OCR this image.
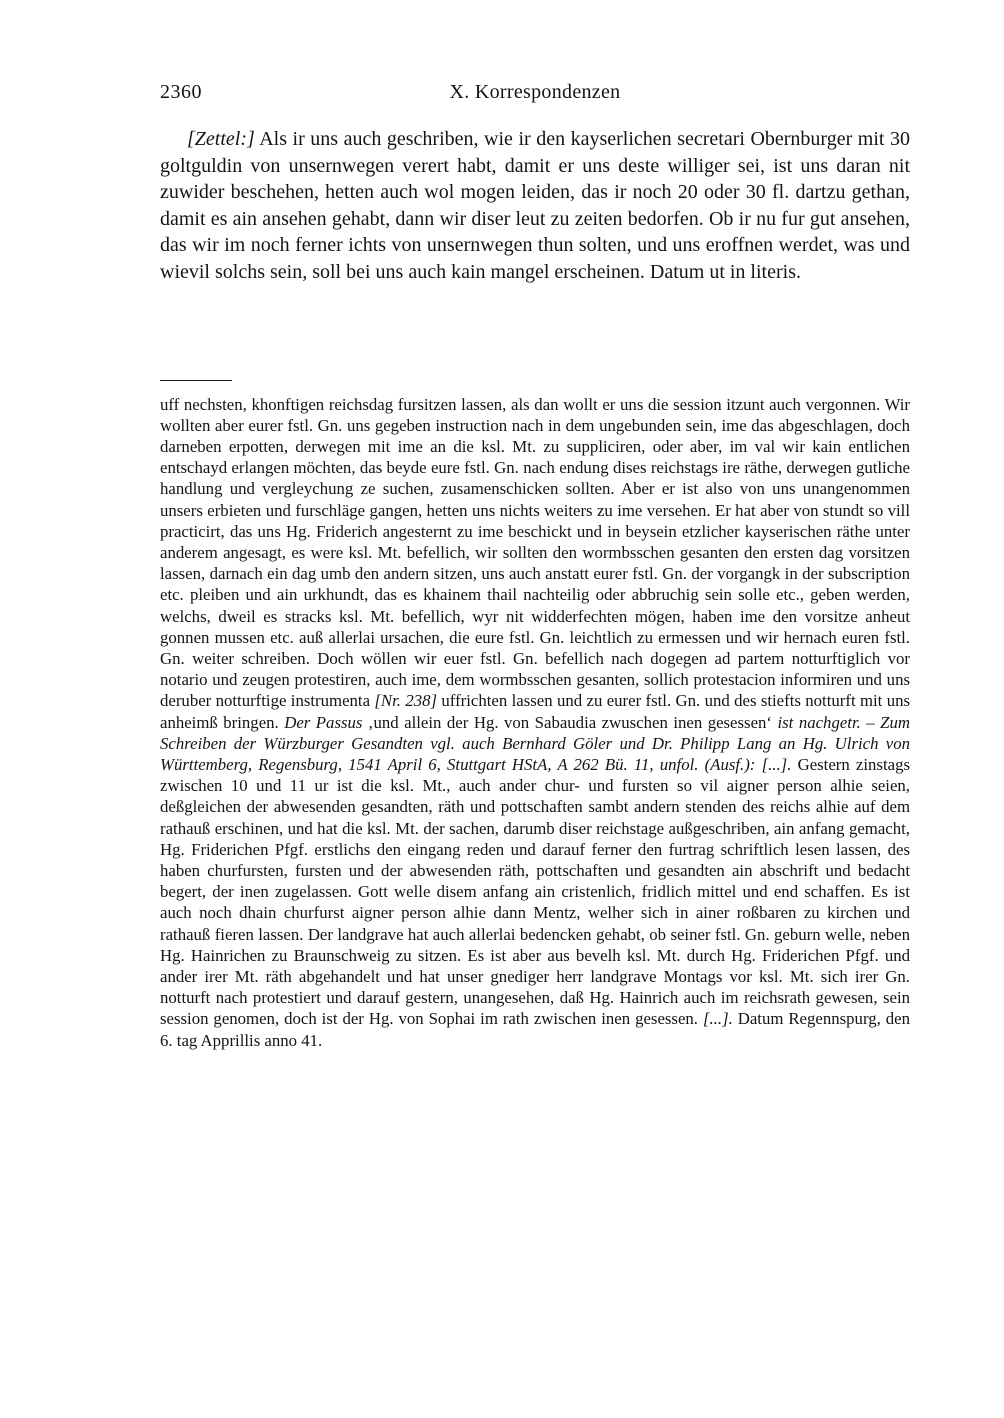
2360	X. Korrespondenzen

[Zettel:] Als ir uns auch geschriben, wie ir den kayserlichen secretari Obernburger mit 30 goltguldin von unsernwegen verert habt, damit er uns deste williger sei, ist uns daran nit zuwider beschehen, hetten auch wol mogen leiden, das ir noch 20 oder 30 fl. dartzu gethan, damit es ain ansehen gehabt, dann wir diser leut zu zeiten bedorfen. Ob ir nu fur gut ansehen, das wir im noch ferner ichts von unsernwegen thun solten, und uns eroffnen werdet, was und wievil solchs sein, soll bei uns auch kain mangel erscheinen. Datum ut in literis.

uff nechsten, khonftigen reichsdag fursitzen lassen, als dan wollt er uns die session itzunt auch vergonnen. Wir wollten aber eurer fstl. Gn. uns gegeben instruction nach in dem ungebunden sein, ime das abgeschlagen, doch darneben erpotten, derwegen mit ime an die ksl. Mt. zu suppliciren, oder aber, im val wir kain entlichen entschayd erlangen möchten, das beyde eure fstl. Gn. nach endung dises reichstags ire räthe, derwegen gutliche handlung und vergleychung ze suchen, zusamenschicken sollten. Aber er ist also von uns unangenommen unsers erbieten und furschläge gangen, hetten uns nichts weiters zu ime versehen. Er hat aber von stundt so vill practicirt, das uns Hg. Friderich angesternt zu ime beschickt und in beysein etzlicher kayserischen räthe unter anderem angesagt, es were ksl. Mt. befellich, wir sollten den wormbsschen gesanten den ersten dag vorsitzen lassen, darnach ein dag umb den andern sitzen, uns auch anstatt eurer fstl. Gn. der vorgangk in der subscription etc. pleiben und ain urkhundt, das es khainem thail nachteilig oder abbruchig sein solle etc., geben werden, welchs, dweil es stracks ksl. Mt. befellich, wyr nit widderfechten mögen, haben ime den vorsitze anheut gonnen mussen etc. auß allerlai ursachen, die eure fstl. Gn. leichtlich zu ermessen und wir hernach euren fstl. Gn. weiter schreiben. Doch wöllen wir euer fstl. Gn. befellich nach dogegen ad partem notturftiglich vor notario und zeugen protestiren, auch ime, dem wormbsschen gesanten, sollich protestacion informiren und uns deruber notturftige instrumenta [Nr. 238] uffrichten lassen und zu eurer fstl. Gn. und des stiefts notturft mit uns anheimß bringen. Der Passus ‚und allein der Hg. von Sabaudia zwuschen inen gesessen‘ ist nachgetr. – Zum Schreiben der Würzburger Gesandten vgl. auch Bernhard Göler und Dr. Philipp Lang an Hg. Ulrich von Württemberg, Regensburg, 1541 April 6, Stuttgart HStA, A 262 Bü. 11, unfol. (Ausf.): [...]. Gestern zinstags zwischen 10 und 11 ur ist die ksl. Mt., auch ander chur- und fursten so vil aigner person alhie seien, deßgleichen der abwesenden gesandten, räth und pottschaften sambt andern stenden des reichs alhie auf dem rathauß erschinen, und hat die ksl. Mt. der sachen, darumb diser reichstage außgeschriben, ain anfang gemacht, Hg. Friderichen Pfgf. erstlichs den eingang reden und darauf ferner den furtrag schriftlich lesen lassen, des haben churfursten, fursten und der abwesenden räth, pottschaften und gesandten ain abschrift und bedacht begert, der inen zugelassen. Gott welle disem anfang ain cristenlich, fridlich mittel und end schaffen. Es ist auch noch dhain churfurst aigner person alhie dann Mentz, welher sich in ainer roßbaren zu kirchen und rathauß fieren lassen. Der landgrave hat auch allerlai bedencken gehabt, ob seiner fstl. Gn. geburn welle, neben Hg. Hainrichen zu Braunschweig zu sitzen. Es ist aber aus bevelh ksl. Mt. durch Hg. Friderichen Pfgf. und ander irer Mt. räth abgehandelt und hat unser gnediger herr landgrave Montags vor ksl. Mt. sich irer Gn. notturft nach protestiert und darauf gestern, unangesehen, daß Hg. Hainrich auch im reichsrath gewesen, sein session genomen, doch ist der Hg. von Sophai im rath zwischen inen gesessen. [...]. Datum Regennspurg, den 6. tag Apprillis anno 41.
